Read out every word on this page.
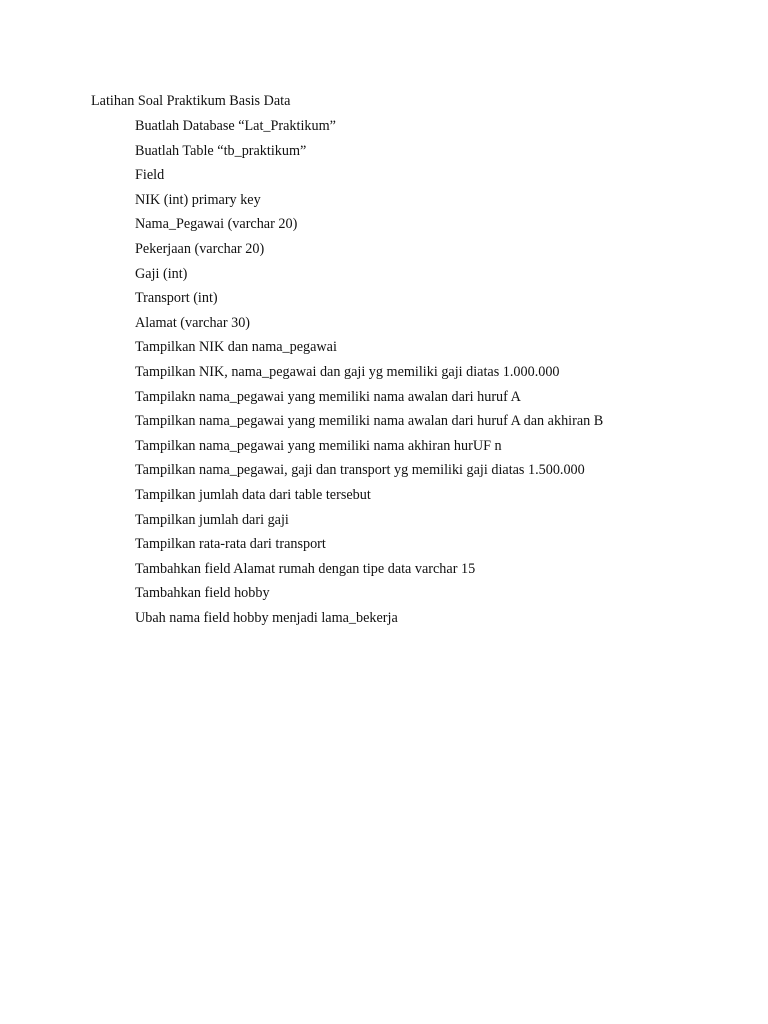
Latihan Soal Praktikum Basis Data
Buatlah Database “Lat_Praktikum”
Buatlah Table “tb_praktikum”
Field
NIK (int) primary key
Nama_Pegawai (varchar 20)
Pekerjaan (varchar 20)
Gaji (int)
Transport (int)
Alamat (varchar 30)
Tampilkan NIK dan nama_pegawai
Tampilkan NIK, nama_pegawai dan gaji yg memiliki gaji diatas 1.000.000
Tampilakn nama_pegawai yang memiliki nama awalan dari huruf A
Tampilkan nama_pegawai yang memiliki nama awalan dari huruf A dan akhiran B
Tampilkan nama_pegawai yang memiliki nama akhiran hurUF n
Tampilkan nama_pegawai, gaji dan transport yg memiliki gaji diatas 1.500.000
Tampilkan jumlah data dari table tersebut
Tampilkan jumlah dari gaji
Tampilkan rata-rata dari transport
Tambahkan field Alamat rumah dengan tipe data varchar 15
Tambahkan field hobby
Ubah nama field hobby menjadi lama_bekerja
